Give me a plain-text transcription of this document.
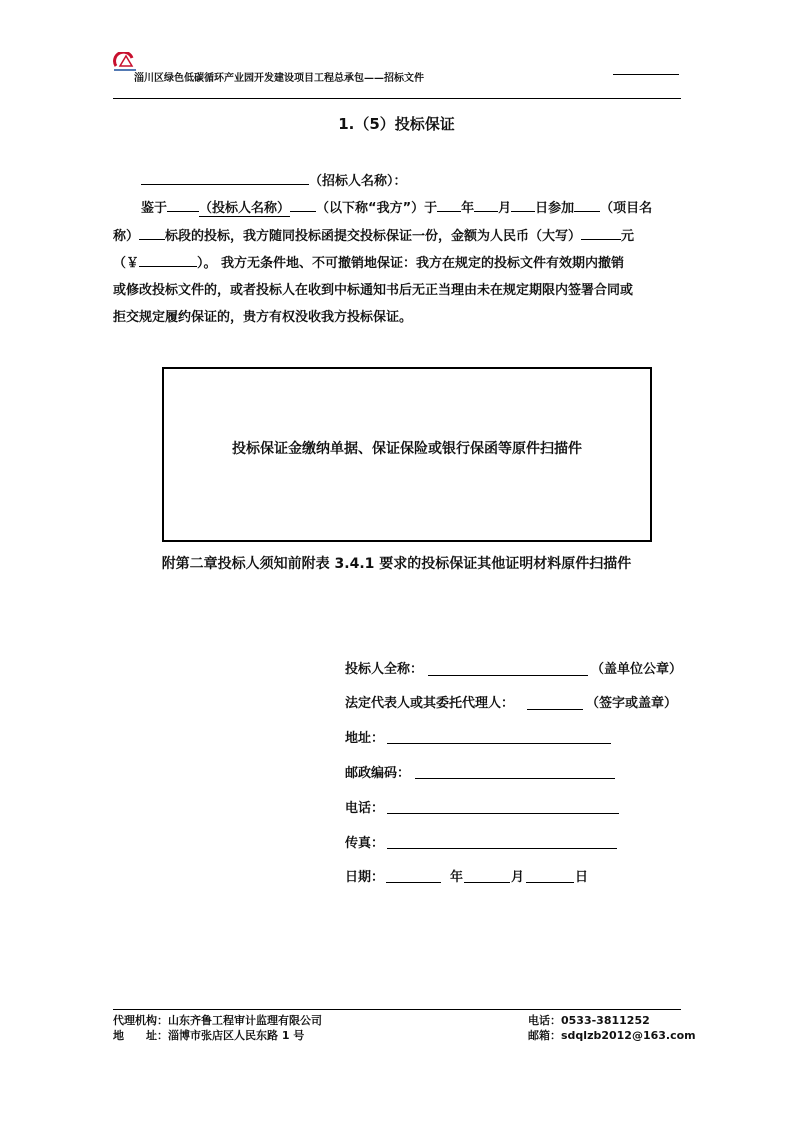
淄川区绿色低碳循环产业园开发建设项目工程总承包——招标文件
1.（5）投标保证
（招标人名称）：
鉴于 （投标人名称） （以下称“我方”）于 年 月 日参加 （项目名
称） 标段的投标，我方随同投标函提交投标保证一份，金额为人民币（大写）	元
（￥	）。 我方无条件地、不可撤销地保证：我方在规定的投标文件有效期内撤销
或修改投标文件的，或者投标人在收到中标通知书后无正当理由未在规定期限内签署合同或
拒交规定履约保证的，贵方有权没收我方投标保证。
投标保证金缴纳单据、保证保险或银行保函等原件扫描件
附第二章投标人须知前附表 3.4.1 要求的投标保证其他证明材料原件扫描件
投标人全称：	（盖单位公章）
法定代表人或其委托代理人：	（签字或盖章）
地址：
邮政编码：
电话：
传真：
日期：	年	月	日
代理机构：山东齐鲁工程审计监理有限公司
地　　址：淄博市张店区人民东路 1 号
电话：0533-3811252
邮箱：sdqlzb2012@163.com
